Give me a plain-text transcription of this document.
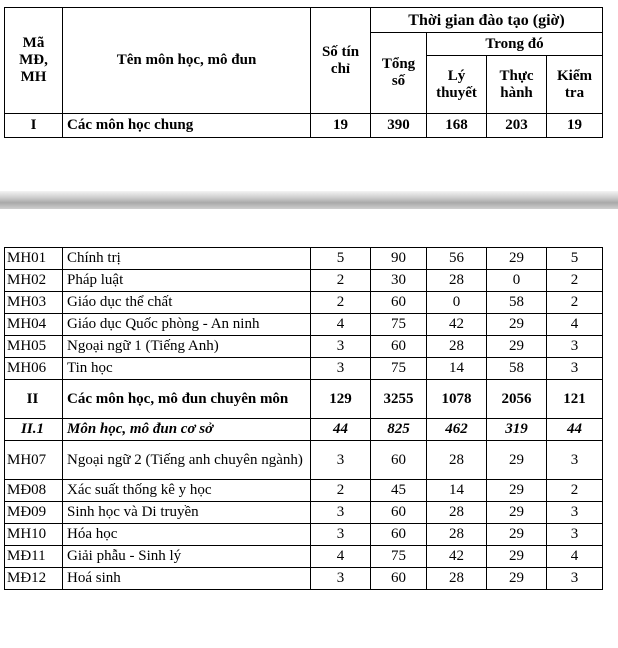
Mã MĐ, MH	Tên môn học, mô đun	Số tín chỉ	Thời gian đào tạo (giờ)			
			Tổng số	Trong đó		
				Lý thuyết	Thực hành	Kiểm tra
I	Các môn học chung	19	390	168	203	19
MH01	Chính trị	5	90	56	29	5
MH02	Pháp luật	2	30	28	0	2
MH03	Giáo dục thể chất	2	60	0	58	2
MH04	Giáo dục Quốc phòng - An ninh	4	75	42	29	4
MH05	Ngoại ngữ 1 (Tiếng Anh)	3	60	28	29	3
MH06	Tin học	3	75	14	58	3
II	Các môn học, mô đun chuyên môn	129	3255	1078	2056	121
II.1	Môn học, mô đun cơ sở	44	825	462	319	44
MH07	Ngoại ngữ 2 (Tiếng anh chuyên ngành)	3	60	28	29	3
MĐ08	Xác suất thống kê y học	2	45	14	29	2
MĐ09	Sinh học và Di truyền	3	60	28	29	3
MH10	Hóa học	3	60	28	29	3
MĐ11	Giải phẫu - Sinh lý	4	75	42	29	4
MĐ12	Hoá sinh	3	60	28	29	3
